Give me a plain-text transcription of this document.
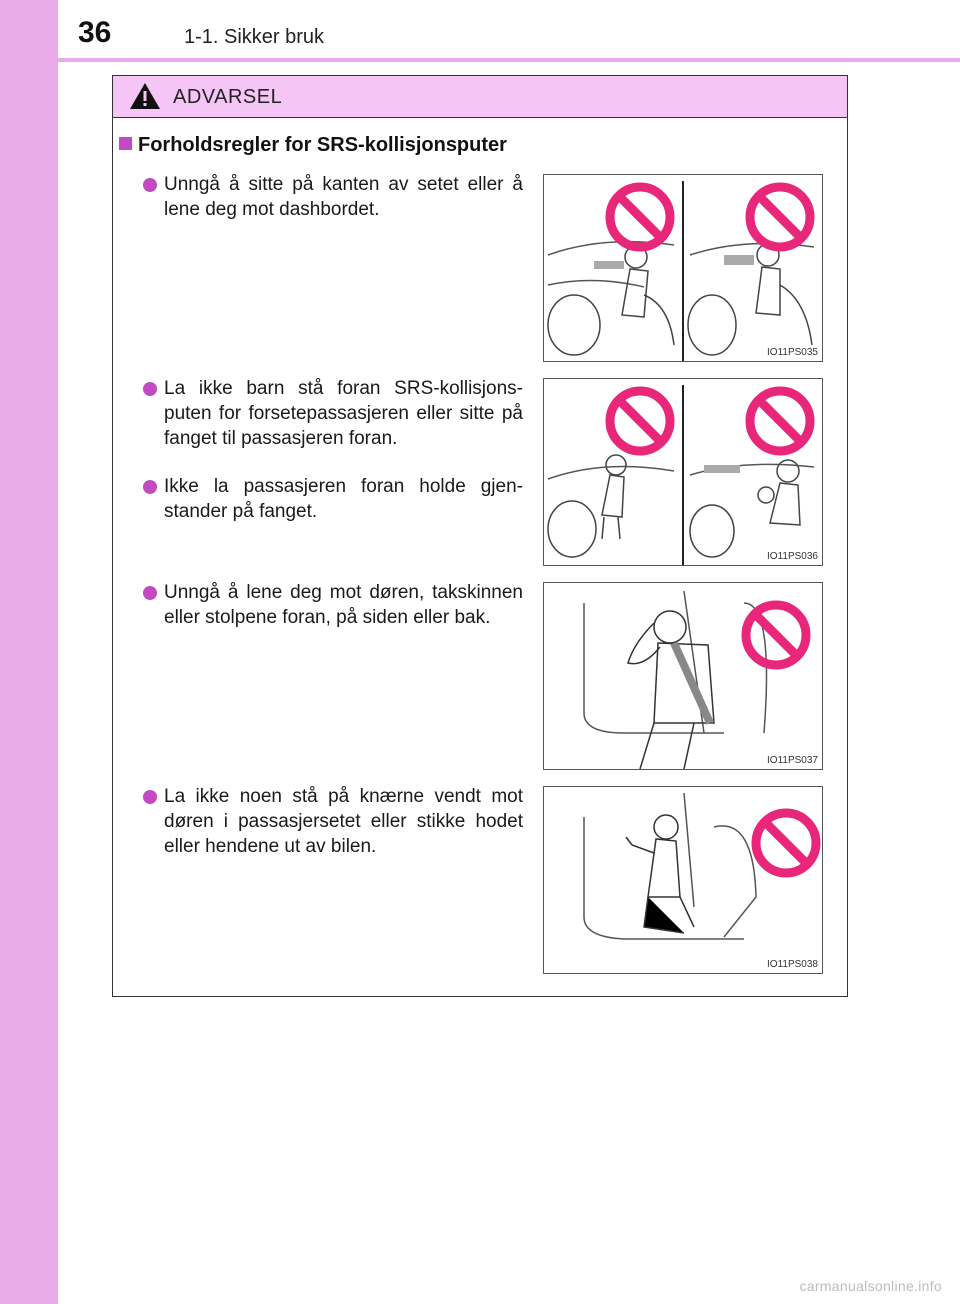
36	1-1. Sikker bruk
ADVARSEL
Forholdsregler for SRS-kollisjonsputer
Unngå å sitte på kanten av setet eller å lene deg mot dashbordet.
La ikke barn stå foran SRS-kollisjons-puten for forsetepassasjeren eller sitte på fanget til passasjeren foran.
Ikke la passasjeren foran holde gjen-stander på fanget.
Unngå å lene deg mot døren, takskinnen eller stolpene foran, på siden eller bak.
La ikke noen stå på knærne vendt mot døren i passasjersetet eller stikke hodet eller hendene ut av bilen.
IO11PS035
IO11PS036
IO11PS037
IO11PS038
carmanualsonline.info
